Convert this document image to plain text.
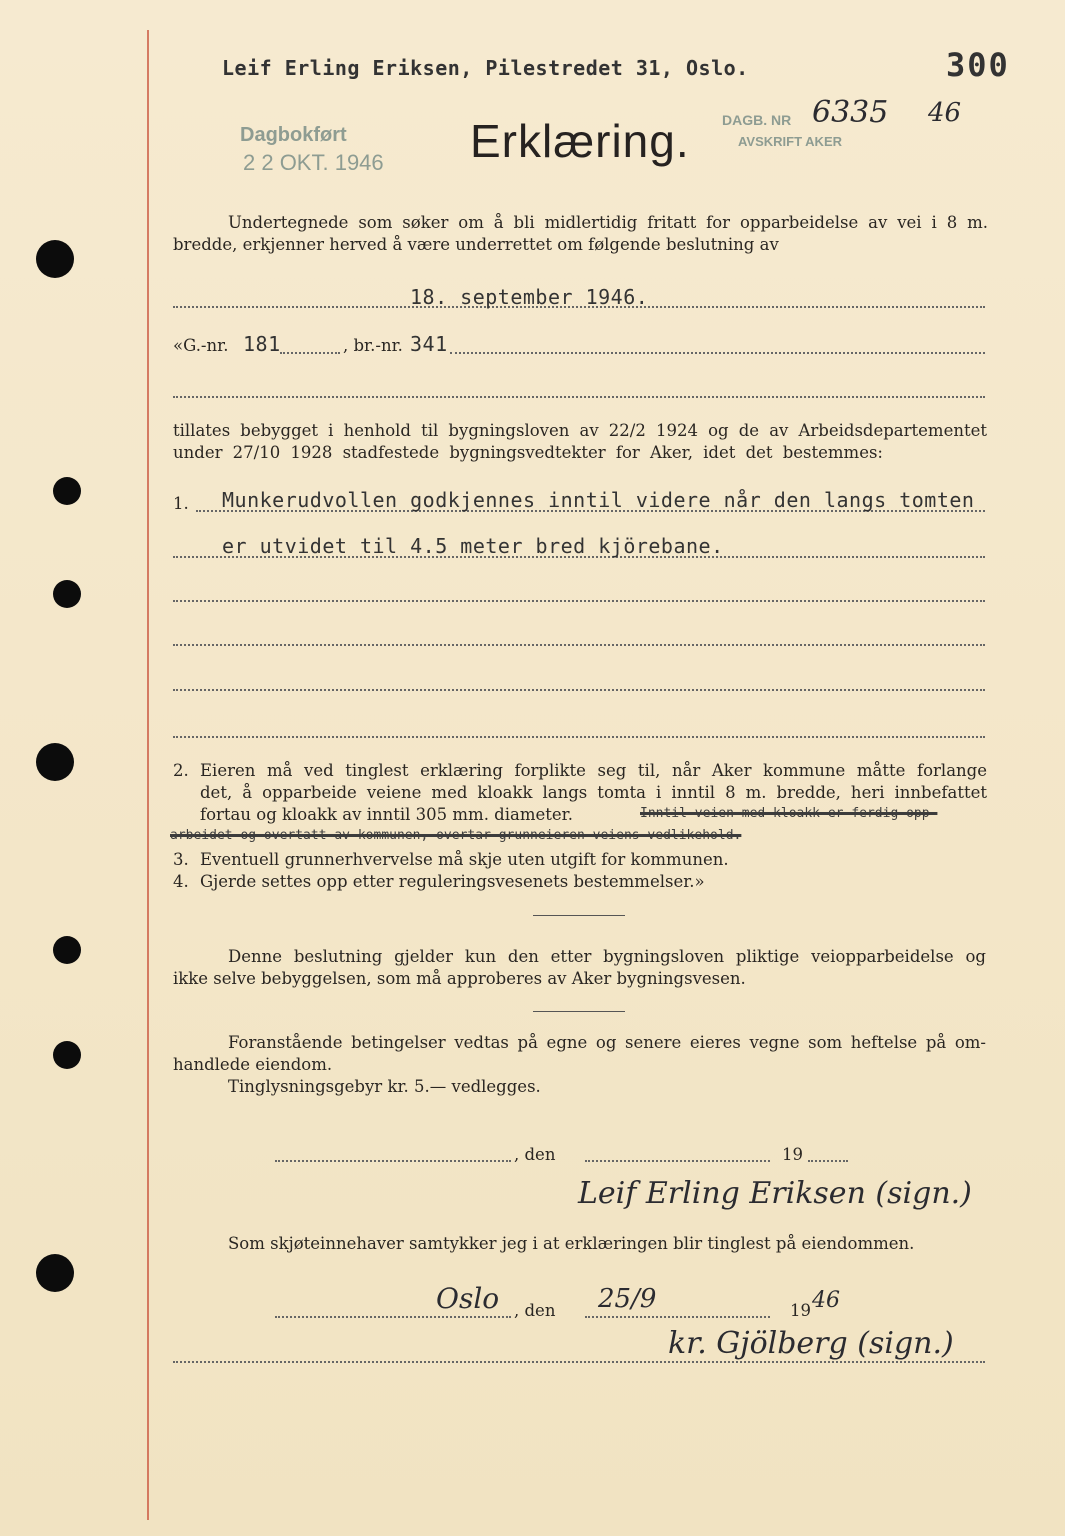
Leif Erling Eriksen, Pilestredet 31, Oslo.	300
Dagbokført
2 2 OKT. 1946
DAGB. NR 6335 46
AVSKRIFT AKER
Erklæring.
Undertegnede som søker om å bli midlertidig fritatt for opparbeidelse av vei i 8 m.
bredde, erkjenner herved å være underrettet om følgende beslutning av
18. september 1946.
«G.-nr. 181	, br.-nr. 341
tillates bebygget i henhold til bygningsloven av 22/2 1924 og de av Arbeidsdepartementet
under 27/10 1928 stadfestede bygningsvedtekter for Aker, idet det bestemmes:
1. Munkerudvollen godkjennes inntil videre når den langs tomten
er utvidet til 4.5 meter bred kjörebane.
2. Eieren må ved tinglest erklæring forplikte seg til, når Aker kommune måtte forlange
det, å opparbeide veiene med kloakk langs tomta i inntil 8 m. bredde, heri innbefattet
fortau og kloakk av inntil 305 mm. diameter.	Inntil veien med kloakk er ferdig opp-
arbeidet og overtatt av kommunen, overtar grunneieren veiens vedlikehold.
3. Eventuell grunnerhvervelse må skje uten utgift for kommunen.
4. Gjerde settes opp etter reguleringsvesenets bestemmelser.»
Denne beslutning gjelder kun den etter bygningsloven pliktige veiopparbeidelse og
ikke selve bebyggelsen, som må approberes av Aker bygningsvesen.
Foranstående betingelser vedtas på egne og senere eieres vegne som heftelse på om-
handlede eiendom.
Tinglysningsgebyr kr. 5.— vedlegges.
, den	19
Leif Erling Eriksen (sign.)
Som skjøteinnehaver samtykker jeg i at erklæringen blir tinglest på eiendommen.
Oslo , den 25/9	19 46
kr. Gjölberg (sign.)
